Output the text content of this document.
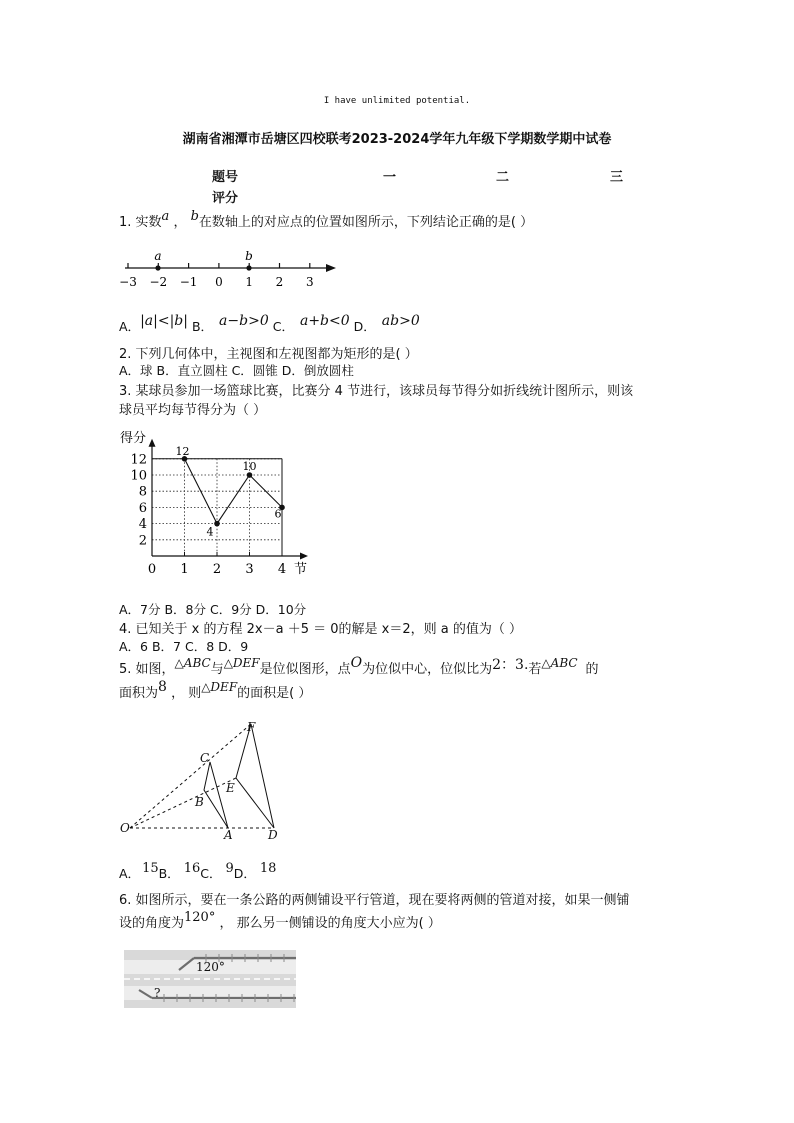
I have unlimited potential.
湖南省湘潭市岳塘区四校联考2023-2024学年九年级下学期数学期中试卷
题号	一	二	三
评分
1. 实数a ， b在数轴上的对应点的位置如图所示，下列结论正确的是( ）
−3 −2 −1 0 1 2 3
a	b
A．|a|<|b| B． a−b>0 C． a+b<0 D． ab>0
2. 下列几何体中，主视图和左视图都为矩形的是( ）
A．球 B．直立圆柱 C．圆锥 D．倒放圆柱
3. 某球员参加一场篮球比赛，比赛分 4 节进行，该球员每节得分如折线统计图所示，则该
球员平均每节得分为（ ）
得分
节
2
4
6
8
10
12
0 1 2 3 4
12
4
10
6
A．7分 B．8分 C．9分 D．10分
4. 已知关于 x 的方程 2x－a ＋5 ＝ 0的解是 x＝2，则 a 的值为（ ）
A．6 B．7 C．8 D．9
5. 如图，△ABC与△DEF是位似图形，点O为位似中心，位似比为2：3.若△ABC 的
面积为8 ， 则△DEF的面积是( ）
F
C
E
B
O	A	D
A． 15B． 16C． 9D． 18
6. 如图所示，要在一条公路的两侧铺设平行管道，现在要将两侧的管道对接，如果一侧铺
设的角度为120° ， 那么另一侧铺设的角度大小应为( ）
120°
?
